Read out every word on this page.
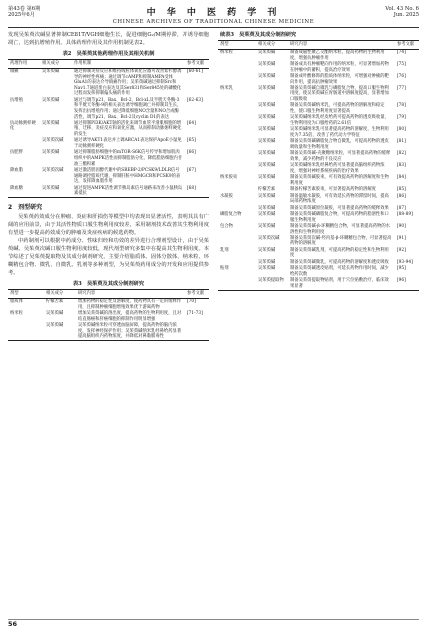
第43卷 第6期
2025年6月	中 华 中 医 药 学 刊
CHINESE ARCHIVES OF TRADITIONAL CHINESE MEDICINE
Vol. 43 No. 6
Jun. 2025

发现吴茱萸次碱显著抑制CE81T/VGH细胞生长，促进细胞G₂/M期停滞，并诱导细胞凋亡，达到抗增殖作用。具体药理作用及其作用机制见表2。

表2　吴茱萸其他药理作用及其相关机制
药理作用	相关成分	作用机制	参考文献
镇痛	吴茱萸碱	通过抑制炎症反应和维持线粒体氧化应激可改善紫杉醇诱导的神经性疼痛；通过调节cAMP和抑制AMPA受体GluA1的表达介导镇痛作用；吴茱萸碱通过抑制Src和Nav1.7通道蛋白表达及其Ser831和Ser845处的磷酸化过程而发挥抑制偏头痛的作用	[60-61]
抗增殖	吴茱萸碱	通过与调节p21、Bax、Bcl-2、Bcl-xL及半胱天冬酶-3和半胱天冬酶-9的相关表达诱导细胞凋亡并抑制其生长，发挥出抗增殖作用；通过降低细胞NO含量和NO合成酶活性，调节p21、Bax、Bcl-2及cyclin D1的表达	[62-63]
抗动脉粥样硬化	吴茱萸碱	通过抑制PI3K/AKT轴的活化来调节血管平滑肌细胞的增殖、迁移、炎症反应和氧化应激，从而抑制动脉粥样硬化的发生	[64]
	吴茱萸次碱	通过诱导AKT1表达并上调ABCA1表达保护ApoE小鼠免于动脉粥样硬化	[65]
抗肥胖	吴茱萸碱	通过抑制脂肪细胞中的mTOR-S6K信号传导和增加肌肉组织中的AMPK活性而抑制脂肪分化，降低脂肪细胞内甘油三酯积累	[66]
降血脂	吴茱萸次碱	通过激活胆固醇代谢中的SREBP-2/PCSK9/LDLR信号通路调控脂质代谢，抑制肝脏中HMGCR和PCSK9的表达，发挥降血脂作用	[67]
降血糖	吴茱萸碱	通过促进AMPK活性调节胰岛素信号通路来改善小鼠胰岛素抵抗	[68]
2　剂型研究

吴茱萸药效成分在肿瘤、炎症和肝损伤等模型中均表现出显著活性，表明其具有广阔的应用前景，由于其活性物质口服生物利用度较差，采用制剂技术改善其生物利用度有望进一步提高药效成分的肿瘤及炎症疾病的候选药物。

中药制剂可以根据中药成分、性味归经和功效的差异进行合理剂型设计，由于吴茱萸碱、吴茱萸次碱口服生物利用度较低，现代剂型研究多集中在提高其生物利用度。本节综述了吴茱萸提取物及其成分制剂研究，主要介绍脂质体、固体分散体、纳米粒、环糊精包合物、微乳、自微乳、乳剂等多种剂型，为吴茱萸药用成分的开发和应用提供参考。

表3　吴茱萸及其成分制剂研究
剂型	相关成分	研究内容	参考文献
脂质体	柠檬苦素	增加药物的稳定性及溶解度，使药物具有一定的缓释作用，且抑制肿瘤细胞增殖效果优于游离药物	[70]
纳米粒	吴茱萸碱	增加吴茱萸碱的溶出度，提高药物的生物利用度，且对结直肠癌和肝癌细胞的抑制作用明显增强	[71-73]
	吴茱萸碱	吴茱萸碱纳米粒可穿透血脑屏障，提高药物的脑内浓度，发挥神经保护作用；吴茱萸碱纳米乳经鼻给药显著提高脑组织内药物浓度，并降低对鼻黏膜毒性	
续表3　吴茱萸及其成分制剂研究
剂型	相关成分	研究内容	参考文献
纳米粒	吴茱萸碱	制备成磁性聚乙交酯纳米粒，提高药物的生物利用度，增强抗肿瘤作用	[74]
	吴茱萸碱	制备成具有肿瘤靶向作用的纳米粒，可显著增加药物在肿瘤中的蓄积，提高治疗效果	[75]
	吴茱萸碱	制备成叶酸修饰的脂质体纳米粒，可增强对肿瘤的靶向作用，提高抗肿瘤效果	[76]
纳米乳	吴茱萸碱	制备吴茱萸碱自微乳与磷脂复合物，提高口服生物利用度，使吴茱萸碱在胃肠道中溶解度提高，显著增加口服吸收	[77]
	吴茱萸碱	制备吴茱萸碱纳米乳，可提高药物的溶解度和稳定性，使口服生物利用度显著提高	[78]
	吴茱萸碱	吴茱萸碱纳米乳经皮给药可提高药物的透皮吸收量，生物利用度为口服给药的2.61倍	[79]
	吴茱萸碱	吴茱萸碱纳米乳可显著提高药物的溶解度，生物利用度为7.35倍，改善了药代动力学特征	[80]
	吴茱萸碱	制备吴茱萸碱磷脂复合物自微乳，可提高药物的透皮吸收量和生物利用度	[81]
	吴茱萸碱	制备吴茱萸碱-壳聚糖纳米粒，可显著提高药物的缓释效果，减少药物的不良反应	[82]
	吴茱萸碱	吴茱萸碱纳米乳经鼻给药可显著提高脑组织药物浓度，增强对神经系统疾病的治疗效果	[83]
纳米胶束	吴茱萸碱	制备吴茱萸碱胶束，可有效提高药物的溶解度和生物利用度	[84]
	柠檬苦素	制备柠檬苦素胶束，可显著提高药物的溶解度	[85]
水凝胶	吴茱萸碱	制备温敏水凝胶，可有效延长药物的滞留时间，提高局部药物浓度	[86]
	吴茱萸碱	制备吴茱萸碱原位凝胶，可显著提高药物的缓释效果	[87]
磷脂复合物	吴茱萸碱	制备吴茱萸碱磷脂复合物，可提高药物的脂溶性和口服生物利用度	[88-89]
包合物	吴茱萸碱	制备吴茱萸碱-β-环糊精包合物，可显著提高药物的水溶性和生物利用度	[90]
	吴茱萸次碱	制备吴茱萸次碱-羟丙基-β-环糊精包合物，可显著提高药物的溶解度	[91]
乳剂	吴茱萸碱	制备吴茱萸碱乳剂，可提高药物的稳定性和生物利用度	[92]
	吴茱萸碱	制备吴茱萸碱微乳，可提高药物的溶解度和透皮吸收	[93-94]
贴剂	吴茱萸碱	制备吴茱萸碱透皮贴剂，可延长药物作用时间，减少给药次数	[95]
	吴茱萸提取物	制备吴茱萸提取物贴剂，用于穴位贴敷治疗，临床效果显著	[96]
56
